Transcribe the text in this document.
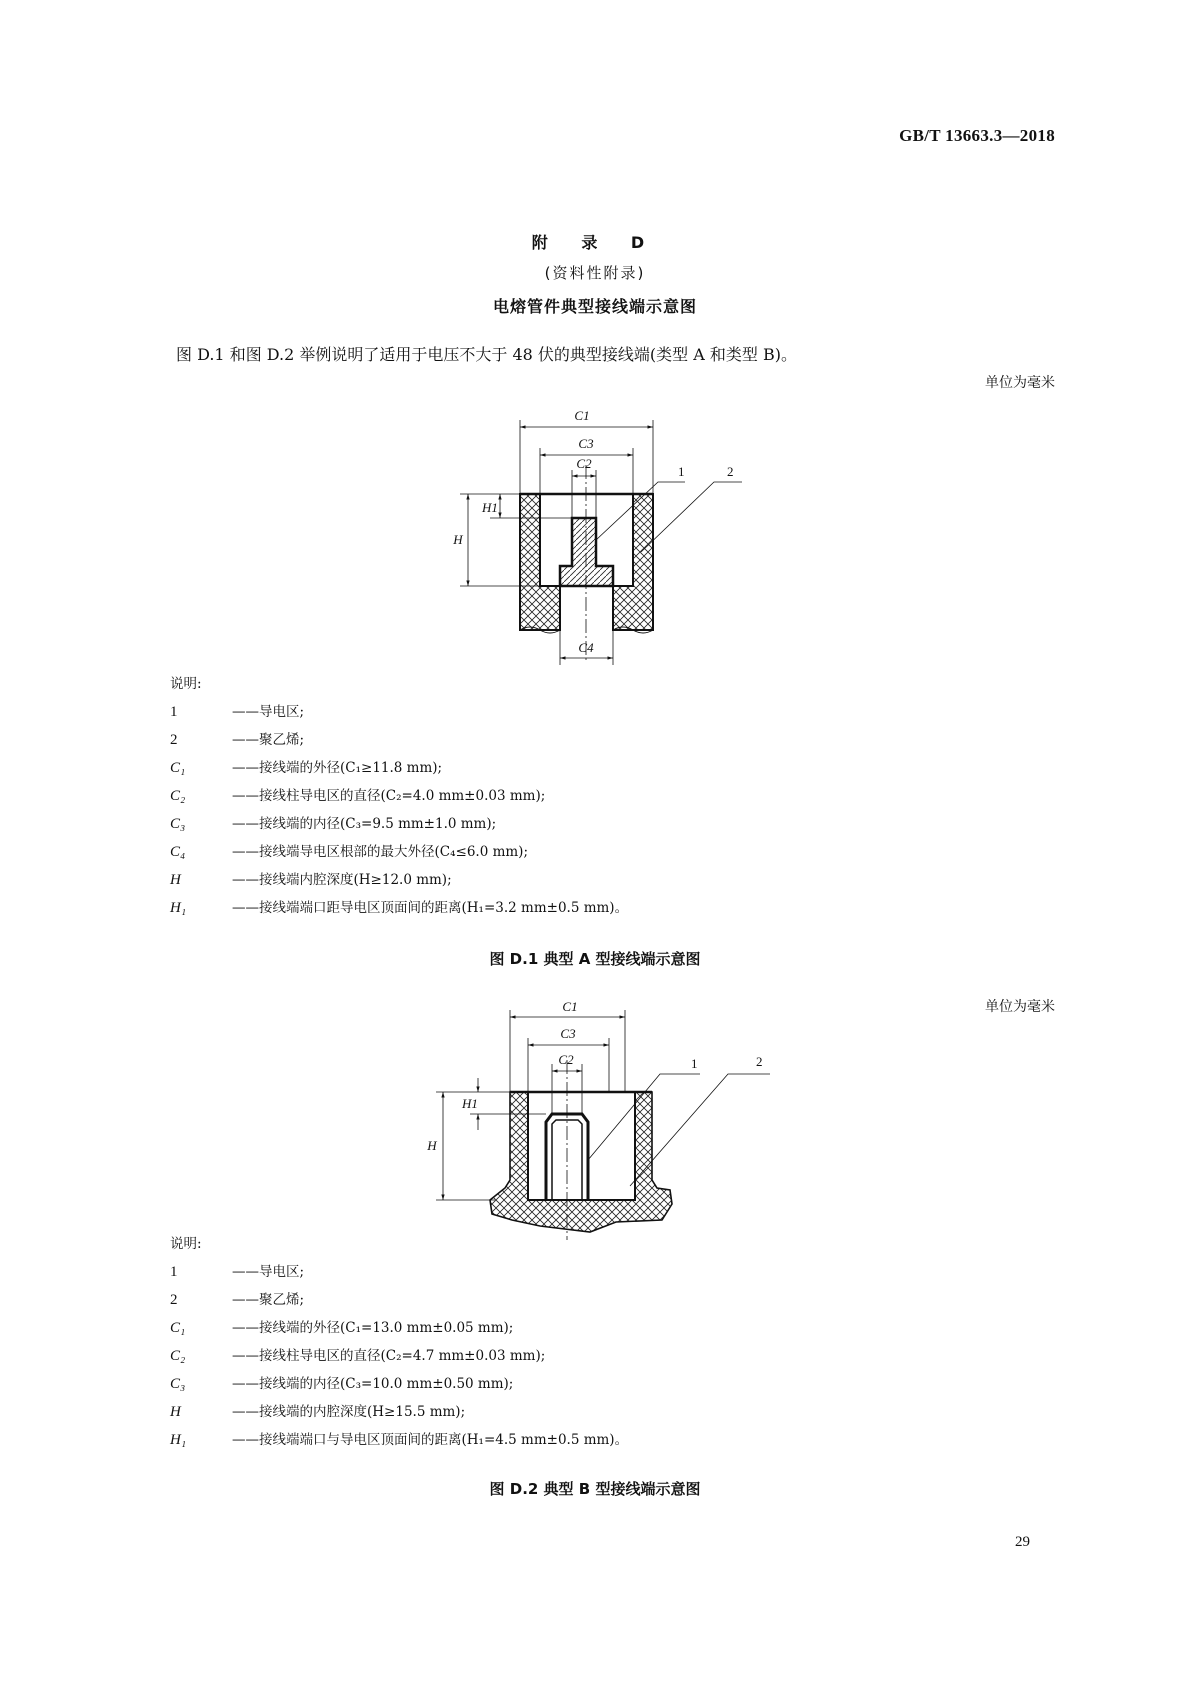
GB/T 13663.3—2018
附 录 D
(资料性附录)
电熔管件典型接线端示意图
图 D.1 和图 D.2 举例说明了适用于电压不大于 48 伏的典型接线端(类型 A 和类型 B)。
单位为毫米
C1
C3
C2
C4
H
H1
1	2
C1
C3
C2
H
H1
1	2
说明:
1	——导电区;
2	——聚乙烯;
C₁	——接线端的外径(C₁≥11.8 mm);
C₂	——接线柱导电区的直径(C₂=4.0 mm±0.03 mm);
C₃	——接线端的内径(C₃=9.5 mm±1.0 mm);
C₄	——接线端导电区根部的最大外径(C₄≤6.0 mm);
H	——接线端内腔深度(H≥12.0 mm);
H₁	——接线端端口距导电区顶面间的距离(H₁=3.2 mm±0.5 mm)。
图 D.1 典型 A 型接线端示意图
单位为毫米
说明:
1	——导电区;
2	——聚乙烯;
C₁	——接线端的外径(C₁=13.0 mm±0.05 mm);
C₂	——接线柱导电区的直径(C₂=4.7 mm±0.03 mm);
C₃	——接线端的内径(C₃=10.0 mm±0.50 mm);
H	——接线端的内腔深度(H≥15.5 mm);
H₁	——接线端端口与导电区顶面间的距离(H₁=4.5 mm±0.5 mm)。
图 D.2 典型 B 型接线端示意图
29
